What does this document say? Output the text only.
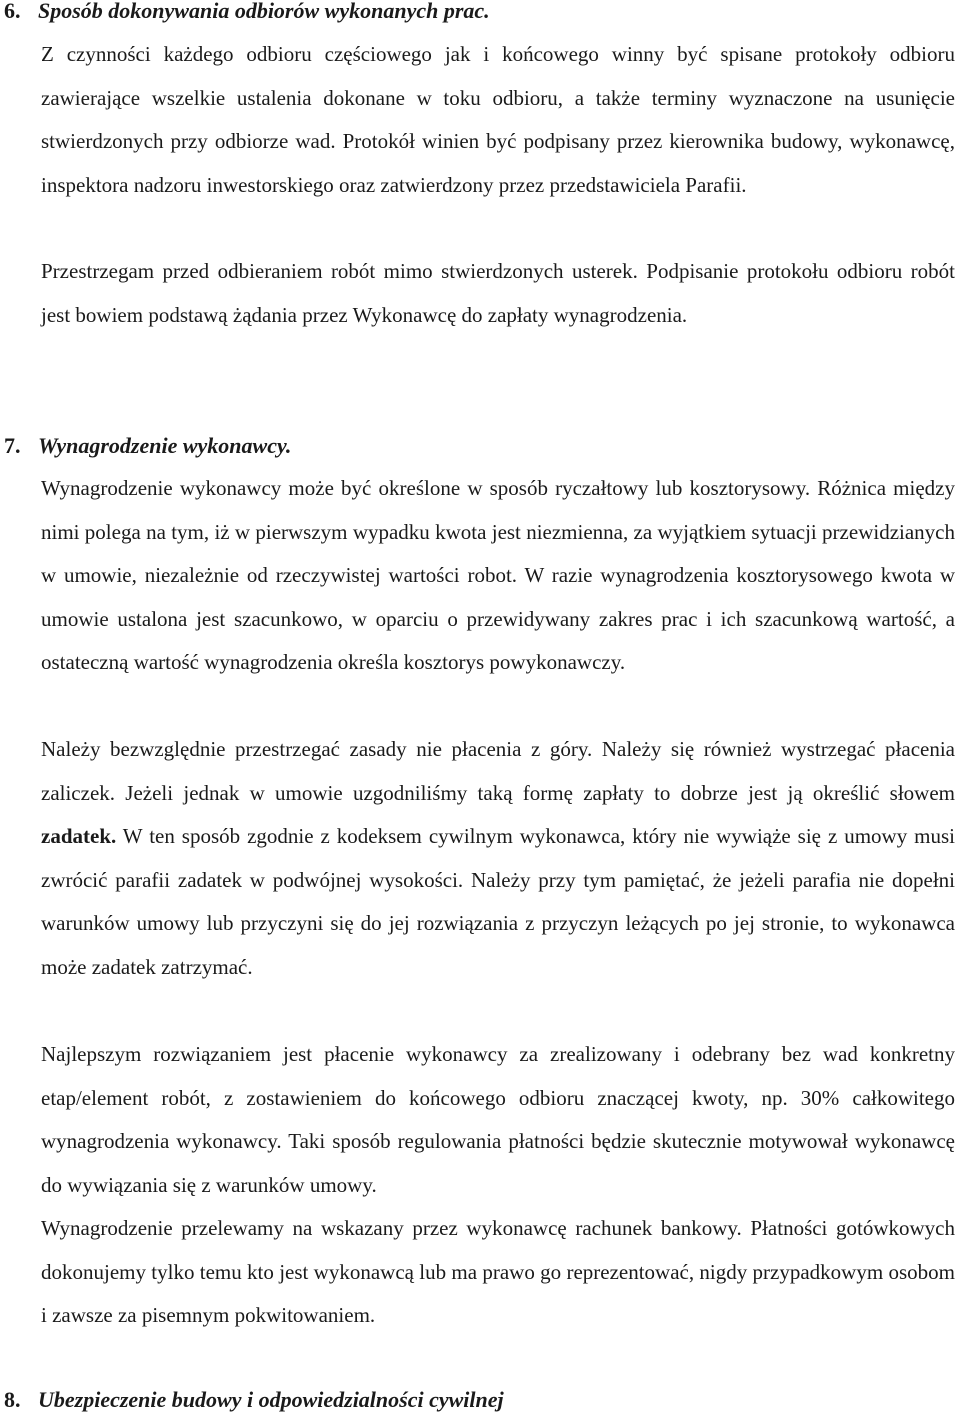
6. Sposób dokonywania odbiorów wykonanych prac.

Z czynności każdego odbioru częściowego jak i końcowego winny być spisane protokoły odbioru zawierające wszelkie ustalenia dokonane w toku odbioru, a także terminy wyznaczone na usunięcie stwierdzonych przy odbiorze wad. Protokół winien być podpisany przez kierownika budowy, wykonawcę, inspektora nadzoru inwestorskiego oraz zatwierdzony przez przedstawiciela Parafii.

Przestrzegam przed odbieraniem robót mimo stwierdzonych usterek. Podpisanie protokołu odbioru robót jest bowiem podstawą żądania przez Wykonawcę do zapłaty wynagrodzenia.

7. Wynagrodzenie wykonawcy.

Wynagrodzenie wykonawcy może być określone w sposób ryczałtowy lub kosztorysowy. Różnica między nimi polega na tym, iż w pierwszym wypadku kwota jest niezmienna, za wyjątkiem sytuacji przewidzianych w umowie, niezależnie od rzeczywistej wartości robot. W razie wynagrodzenia kosztorysowego kwota w umowie ustalona jest szacunkowo, w oparciu o przewidywany zakres prac i ich szacunkową wartość, a ostateczną wartość wynagrodzenia określa kosztorys powykonawczy.

Należy bezwzględnie przestrzegać zasady nie płacenia z góry. Należy się również wystrzegać płacenia zaliczek. Jeżeli jednak w umowie uzgodniliśmy taką formę zapłaty to dobrze jest ją określić słowem zadatek. W ten sposób zgodnie z kodeksem cywilnym wykonawca, który nie wywiąże się z umowy musi zwrócić parafii zadatek w podwójnej wysokości. Należy przy tym pamiętać, że jeżeli parafia nie dopełni warunków umowy lub przyczyni się do jej rozwiązania z przyczyn leżących po jej stronie, to wykonawca może zadatek zatrzymać.

Najlepszym rozwiązaniem jest płacenie wykonawcy za zrealizowany i odebrany bez wad konkretny etap/element robót, z zostawieniem do końcowego odbioru znaczącej kwoty, np. 30% całkowitego wynagrodzenia wykonawcy. Taki sposób regulowania płatności będzie skutecznie motywował wykonawcę do wywiązania się z warunków umowy.

Wynagrodzenie przelewamy na wskazany przez wykonawcę rachunek bankowy. Płatności gotówkowych dokonujemy tylko temu kto jest wykonawcą lub ma prawo go reprezentować, nigdy przypadkowym osobom i zawsze za pisemnym pokwitowaniem.

8. Ubezpieczenie budowy i odpowiedzialności cywilnej
